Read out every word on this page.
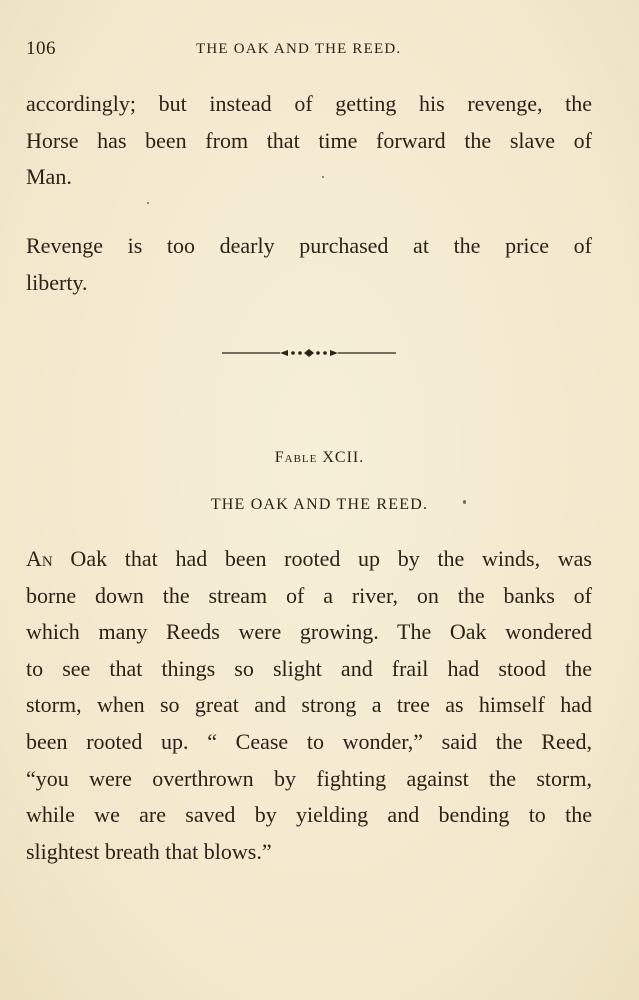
106	THE OAK AND THE REED.

accordingly; but instead of getting his revenge, the
Horse has been from that time forward the slave of
Man.

Revenge is too dearly purchased at the price of
liberty.

Fable XCII.
THE OAK AND THE REED.

An Oak that had been rooted up by the winds, was
borne down the stream of a river, on the banks of
which many Reeds were growing. The Oak wondered
to see that things so slight and frail had stood the
storm, when so great and strong a tree as himself had
been rooted up. “ Cease to wonder,” said the Reed,
“you were overthrown by fighting against the storm,
while we are saved by yielding and bending to the
slightest breath that blows.”
